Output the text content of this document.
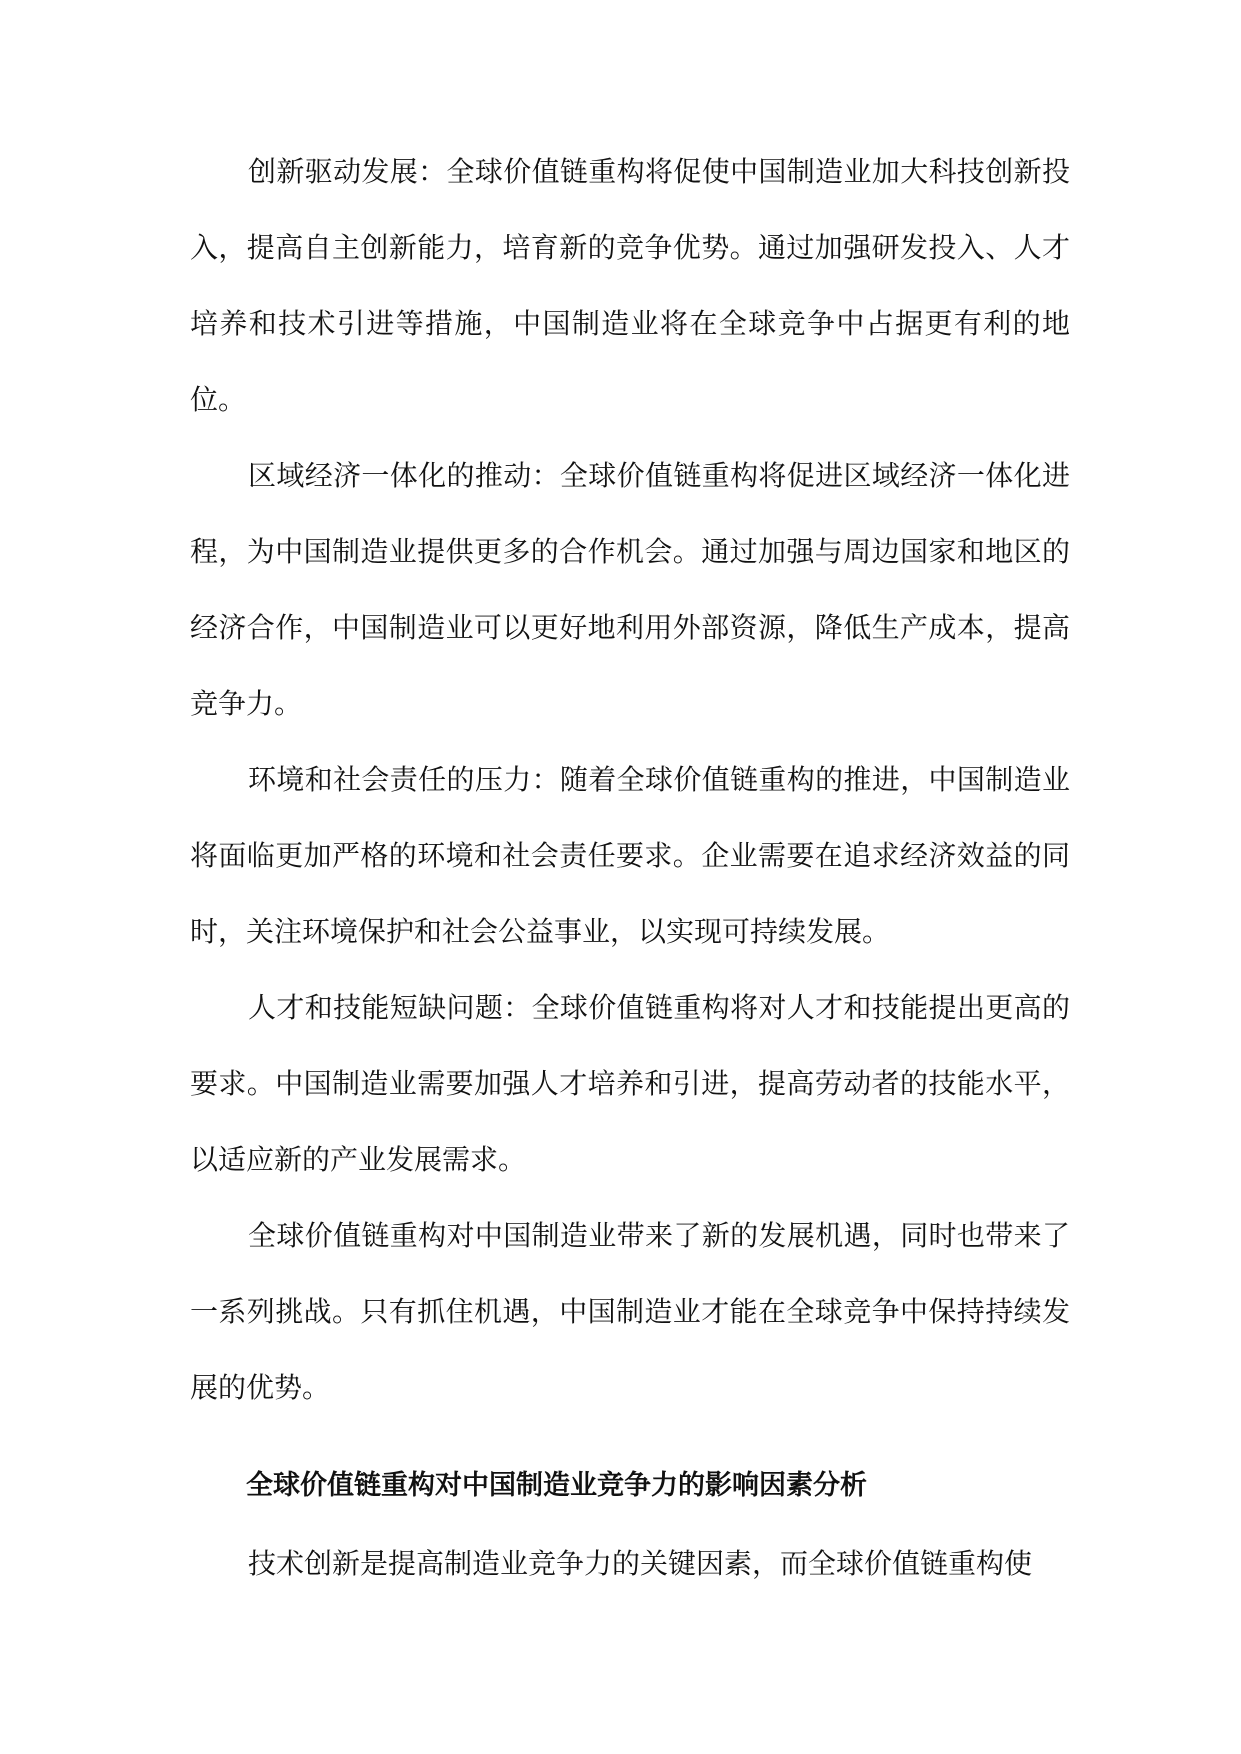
创新驱动发展：全球价值链重构将促使中国制造业加大科技创新投入，提高自主创新能力，培育新的竞争优势。通过加强研发投入、人才培养和技术引进等措施，中国制造业将在全球竞争中占据更有利的地位。

区域经济一体化的推动：全球价值链重构将促进区域经济一体化进程，为中国制造业提供更多的合作机会。通过加强与周边国家和地区的经济合作，中国制造业可以更好地利用外部资源，降低生产成本，提高竞争力。

环境和社会责任的压力：随着全球价值链重构的推进，中国制造业将面临更加严格的环境和社会责任要求。企业需要在追求经济效益的同时，关注环境保护和社会公益事业，以实现可持续发展。

人才和技能短缺问题：全球价值链重构将对人才和技能提出更高的要求。中国制造业需要加强人才培养和引进，提高劳动者的技能水平，以适应新的产业发展需求。

全球价值链重构对中国制造业带来了新的发展机遇，同时也带来了一系列挑战。只有抓住机遇，中国制造业才能在全球竞争中保持持续发展的优势。

全球价值链重构对中国制造业竞争力的影响因素分析

技术创新是提高制造业竞争力的关键因素，而全球价值链重构使
